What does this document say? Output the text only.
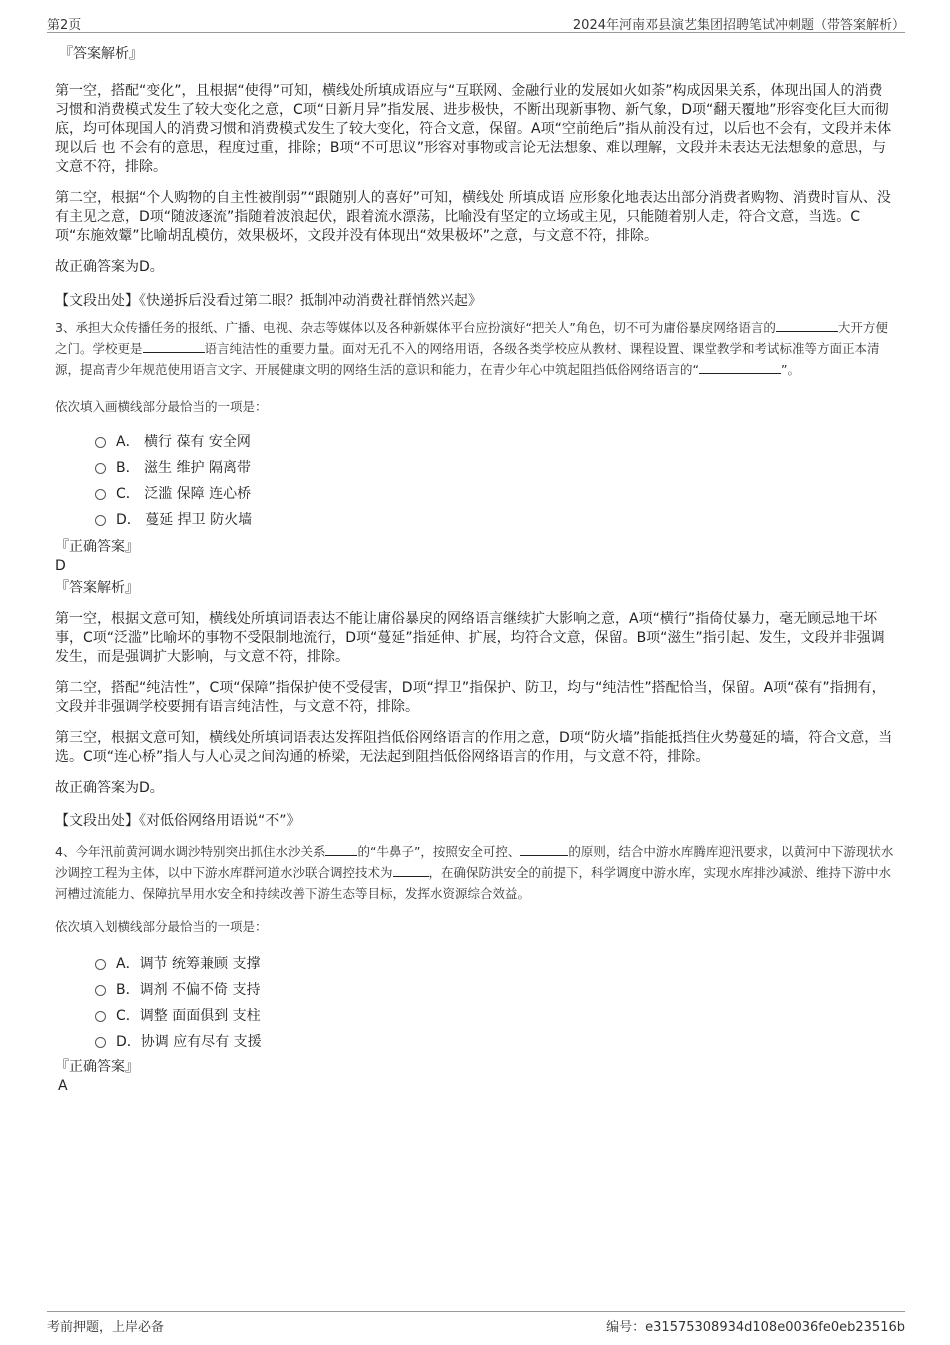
第2页	2024年河南邓县演艺集团招聘笔试冲刺题（带答案解析）
『答案解析』

第一空，搭配“变化”，且根据“使得”可知，横线处所填成语应与“互联网、金融行业的发展如火如荼”构成因果关系，体现出国人的消费习惯和消费模式发生了较大变化之意，C项“日新月异”指发展、进步极快，不断出现新事物、新气象，D项“翻天覆地”形容变化巨大而彻底，均可体现国人的消费习惯和消费模式发生了较大变化，符合文意，保留。A项“空前绝后”指从前没有过，以后也不会有，文段并未体现以后 也 不会有的意思，程度过重，排除；B项“不可思议”形容对事物或言论无法想象、难以理解，文段并未表达无法想象的意思，与文意不符，排除。

第二空，根据“个人购物的自主性被削弱”“跟随别人的喜好”可知，横线处 所填成语 应形象化地表达出部分消费者购物、消费时盲从、没有主见之意，D项“随波逐流”指随着波浪起伏，跟着流水漂荡，比喻没有坚定的立场或主见，只能随着别人走，符合文意，当选。C项“东施效颦”比喻胡乱模仿，效果极坏，文段并没有体现出“效果极坏”之意，与文意不符，排除。

故正确答案为D。

【文段出处】《快递拆后没看过第二眼？抵制冲动消费社群悄然兴起》

3、承担大众传播任务的报纸、广播、电视、杂志等媒体以及各种新媒体平台应扮演好“把关人”角色，切不可为庸俗暴戾网络语言的	大开方便之门。学校更是	语言纯洁性的重要力量。面对无孔不入的网络用语，各级各类学校应从教材、课程设置、课堂教学和考试标准等方面正本清源，提高青少年规范使用语言文字、开展健康文明的网络生活的意识和能力，在青少年心中筑起阻挡低俗网络语言的“	”。
依次填入画横线部分最恰当的一项是：
A． 横行 葆有 安全网
B． 滋生 维护 隔离带
C． 泛滥 保障 连心桥
D． 蔓延 捍卫 防火墙
『正确答案』
D
『答案解析』

第一空，根据文意可知，横线处所填词语表达不能让庸俗暴戾的网络语言继续扩大影响之意，A项“横行”指倚仗暴力，毫无顾忌地干坏事，C项“泛滥”比喻坏的事物不受限制地流行，D项“蔓延”指延伸、扩展，均符合文意，保留。B项“滋生”指引起、发生，文段并非强调发生，而是强调扩大影响，与文意不符，排除。

第二空，搭配“纯洁性”，C项“保障”指保护使不受侵害，D项“捍卫”指保护、防卫，均与“纯洁性”搭配恰当，保留。A项“葆有”指拥有，文段并非强调学校要拥有语言纯洁性，与文意不符，排除。

第三空，根据文意可知，横线处所填词语表达发挥阻挡低俗网络语言的作用之意，D项“防火墙”指能抵挡住火势蔓延的墙，符合文意，当选。C项“连心桥”指人与人心灵之间沟通的桥梁，无法起到阻挡低俗网络语言的作用，与文意不符，排除。

故正确答案为D。

【文段出处】《对低俗网络用语说“不”》

4、今年汛前黄河调水调沙特别突出抓住水沙关系	的“牛鼻子”，按照安全可控、	的原则，结合中游水库腾库迎汛要求，以黄河中下游现状水沙调控工程为主体，以中下游水库群河道水沙联合调控技术为	，在确保防洪安全的前提下，科学调度中游水库，实现水库排沙减淤、维持下游中水河槽过流能力、保障抗旱用水安全和持续改善下游生态等目标，发挥水资源综合效益。
依次填入划横线部分最恰当的一项是：
A．调节 统筹兼顾 支撑
B．调剂 不偏不倚 支持
C．调整 面面俱到 支柱
D．协调 应有尽有 支援
『正确答案』
A
考前押题，上岸必备	编号：e31575308934d108e0036fe0eb23516b
